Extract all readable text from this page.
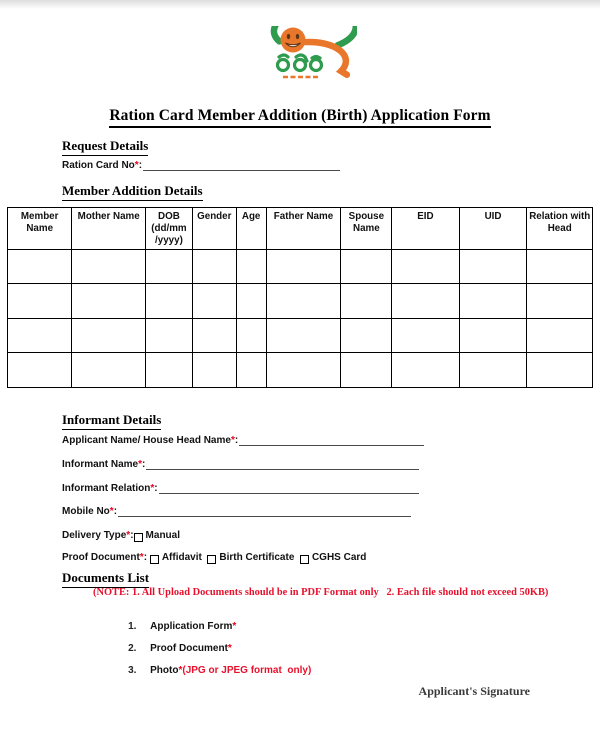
Ration Card Member Addition (Birth) Application Form
Request Details
Ration Card No * :
Member Addition Details
Member Name	Mother Name	DOB (dd/mm /yyyy)	Gender	Age	Father Name	Spouse Name	EID	UID	Relation with Head

Informant Details
Applicant Name/ House Head Name * :
Informant Name * :
Informant Relation * :
Mobile No * :
Delivery Type * : Manual
Proof Document * :
Affidavit
Birth Certificate
CGHS Card
Documents List
(NOTE: 1. All Upload Documents should be in PDF Format only   2. Each file should not exceed 50KB)

1. Application Form*

2. Proof Document*

3. Photo*(JPG or JPEG format  only)

Applicant's Signature
